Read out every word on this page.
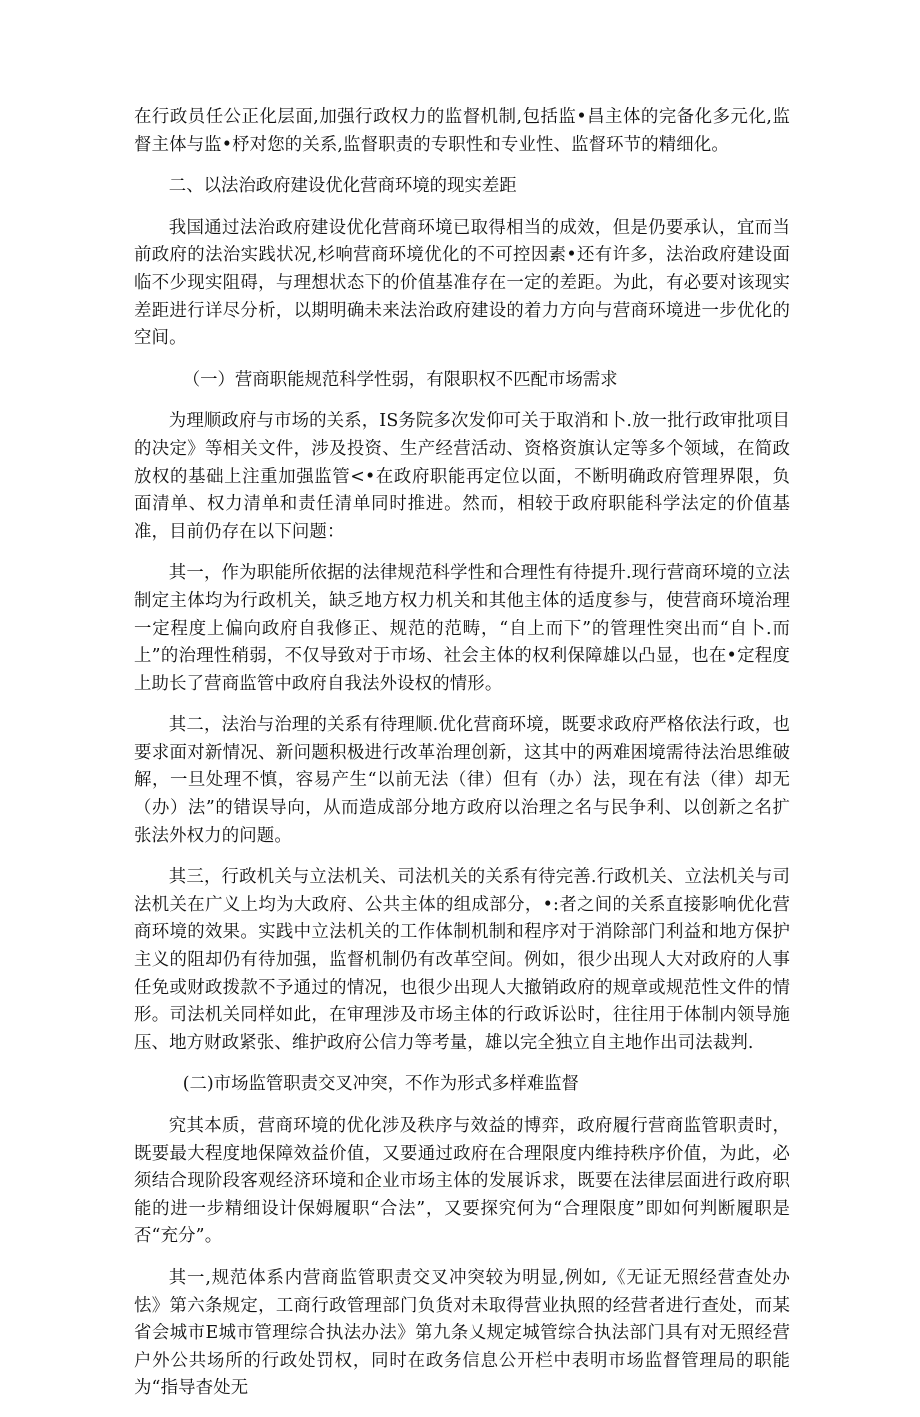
在行政员任公正化层面,加强行政权力的监督机制,包括监•昌主体的完备化多元化,监督主体与监•杼对您的关系,监督职责的专职性和专业性、监督环节的精细化。

二、以法治政府建设优化营商环境的现实差距

我国通过法治政府建设优化营商环境已取得相当的成效，但是仍要承认，宜而当前政府的法治实践状况,杉响营商环境优化的不可控因素•还有许多，法治政府建设面临不少现实阻碍，与理想状态下的价值基准存在一定的差距。为此，有必要对该现实差距进行详尽分析，以期明确未来法治政府建设的着力方向与营商环境进一步优化的空间。

（一）营商职能规范科学性弱，有限职权不匹配市场需求

为理顺政府与市场的关系，IS务院多次发仰可关于取消和卜.放一批行政审批项目的决定》等相关文件，涉及投资、生产经营活动、资格资旗认定等多个领域，在简政放权的基础上注重加强监管<•在政府职能再定位以面，不断明确政府管理界限，负面清单、权力清单和责任清单同时推进。然而，相较于政府职能科学法定的价值基准，目前仍存在以下问题：

其一，作为职能所依据的法律规范科学性和合理性有待提升.现行营商环境的立法制定主体均为行政机关，缺乏地方权力机关和其他主体的适度参与，使营商环境治理一定程度上偏向政府自我修正、规范的范畴，“自上而下”的管理性突出而“自卜.而上”的治理性稍弱，不仅导致对于市场、社会主体的权利保障雄以凸显，也在•定程度上助长了营商监管中政府自我法外设权的情形。

其二，法治与治理的关系有待理顺.优化营商环境，既要求政府严格依法行政，也要求面对新情况、新问题积极进行改革治理创新，这其中的两难困境需待法治思维破解，一旦处理不慎，容易产生“以前无法（律）但有（办）法，现在有法（律）却无（办）法”的错误导向，从而造成部分地方政府以治理之名与民争利、以创新之名扩张法外权力的问题。

其三，行政机关与立法机关、司法机关的关系有待完善.行政机关、立法机关与司法机关在广义上均为大政府、公共主体的组成部分，•:者之间的关系直接影响优化营商环境的效果。实践中立法机关的工作体制机制和程序对于消除部门利益和地方保护主义的阻却仍有待加强，监督机制仍有改革空间。例如，很少出现人大对政府的人事任免或财政拨款不予通过的情况，也很少出现人大撤销政府的规章或规范性文件的情形。司法机关同样如此，在审理涉及市场主体的行政诉讼时，往往用于体制内领导施压、地方财政紧张、维护政府公信力等考量，雄以完全独立自主地作出司法裁判.

(二)市场监管职责交叉冲突，不作为形式多样难监督

究其本质，营商环境的优化涉及秩序与效益的博弈，政府履行营商监管职责时，既要最大程度地保障效益价值，又要通过政府在合理限度内维持秩序价值，为此，必须结合现阶段客观经济环境和企业市场主体的发展诉求，既要在法律层面进行政府职能的进一步精细设计保姆履职“合法”，又要探究何为“合理限度”即如何判断履职是否“充分”。

其一,规范体系内营商监管职责交叉冲突较为明显,例如,《无证无照经营查处办怯》第六条规定，工商行政管理部门负货对未取得营业执照的经营者进行查处，而某省会城市E城市管理综合执法办法》第九条乂规定城管综合执法部门具有对无照经营户外公共场所的行政处罚权，同时在政务信息公开栏中表明市场监督管理局的职能为“指导杳处无
